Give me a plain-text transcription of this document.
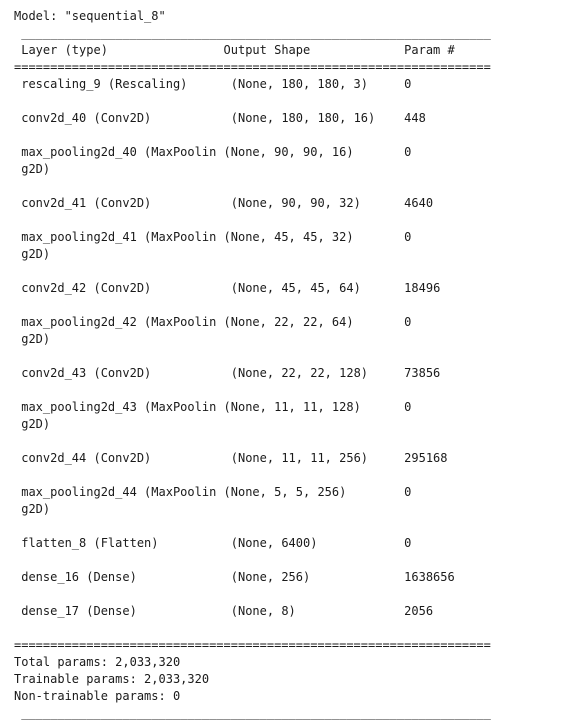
Model: "sequential_8"
_________________________________________________________________
Layer (type)	Output Shape	Param #
==================================================================
rescaling_9 (Rescaling)	(None, 180, 180, 3)	0
conv2d_40 (Conv2D)	(None, 180, 180, 16) 448
max_pooling2d_40 (MaxPoolin (None, 90, 90, 16)	0
g2D)
conv2d_41 (Conv2D)	(None, 90, 90, 32)	4640
max_pooling2d_41 (MaxPoolin (None, 45, 45, 32)	0
g2D)
conv2d_42 (Conv2D)	(None, 45, 45, 64)	18496
max_pooling2d_42 (MaxPoolin (None, 22, 22, 64)	0
g2D)
conv2d_43 (Conv2D)	(None, 22, 22, 128)	73856
max_pooling2d_43 (MaxPoolin (None, 11, 11, 128)	0
g2D)
conv2d_44 (Conv2D)	(None, 11, 11, 256)	295168
max_pooling2d_44 (MaxPoolin (None, 5, 5, 256)	0
g2D)
flatten_8 (Flatten)	(None, 6400)	0
dense_16 (Dense)	(None, 256)	1638656
dense_17 (Dense)	(None, 8)	2056
==================================================================
Total params: 2,033,320
Trainable params: 2,033,320
Non-trainable params: 0
_________________________________________________________________
